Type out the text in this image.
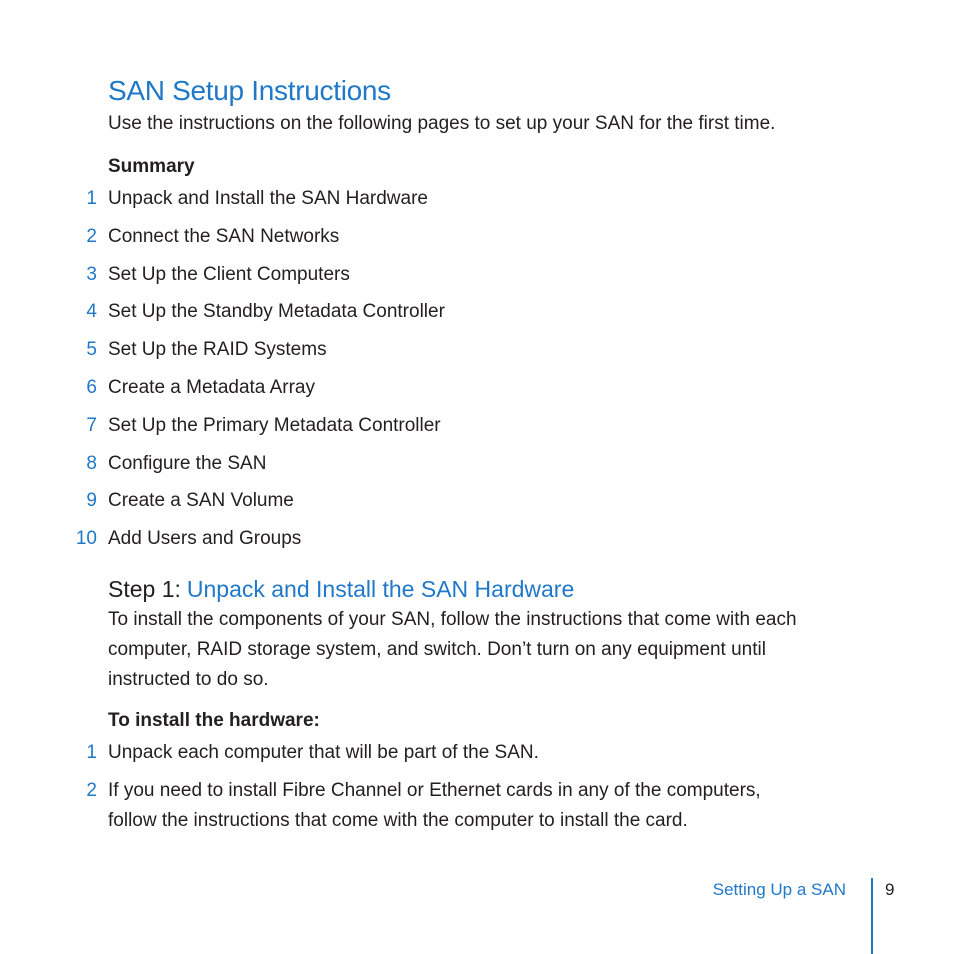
SAN Setup Instructions

Use the instructions on the following pages to set up your SAN for the first time.

Summary

1 Unpack and Install the SAN Hardware
2 Connect the SAN Networks
3 Set Up the Client Computers
4 Set Up the Standby Metadata Controller
5 Set Up the RAID Systems
6 Create a Metadata Array
7 Set Up the Primary Metadata Controller
8 Configure the SAN
9 Create a SAN Volume
10 Add Users and Groups
Step 1: Unpack and Install the SAN Hardware

To install the components of your SAN, follow the instructions that come with each computer, RAID storage system, and switch. Don’t turn on any equipment until instructed to do so.

To install the hardware:

1 Unpack each computer that will be part of the SAN.
2 If you need to install Fibre Channel or Ethernet cards in any of the computers, follow the instructions that come with the computer to install the card.

Setting Up a SAN 9
